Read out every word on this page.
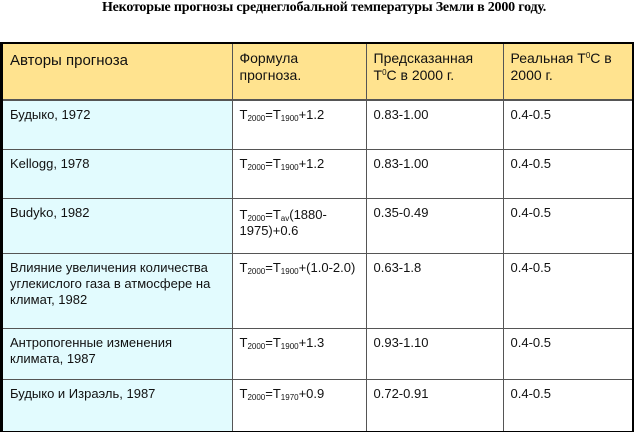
Некоторые прогнозы среднеглобальной температуры Земли в 2000 году.
Авторы прогноза	Формула прогноза.	Предсказанная $T^0C$ в 2000 г.	Реальная $T^0C$ в 2000 г.
Будыко, 1972	$T_{2000}=T_{1900}+1.2$	0.83-1.00	0.4-0.5
Kellogg, 1978	$T_{2000}=T_{1900}+1.2$	0.83-1.00	0.4-0.5
Budyko, 1982	$T_{2000}=T_{av}(1880-1975)+0.6$	0.35-0.49	0.4-0.5
Влияние увеличения количества углекислого газа в атмосфере на климат, 1982	$T_{2000}=T_{1900}+(1.0-2.0)$	0.63-1.8	0.4-0.5
Антропогенные изменения климата, 1987	$T_{2000}=T_{1900}+1.3$	0.93-1.10	0.4-0.5
Будыко и Израэль, 1987	$T_{2000}=T_{1970}+0.9$	0.72-0.91	0.4-0.5
